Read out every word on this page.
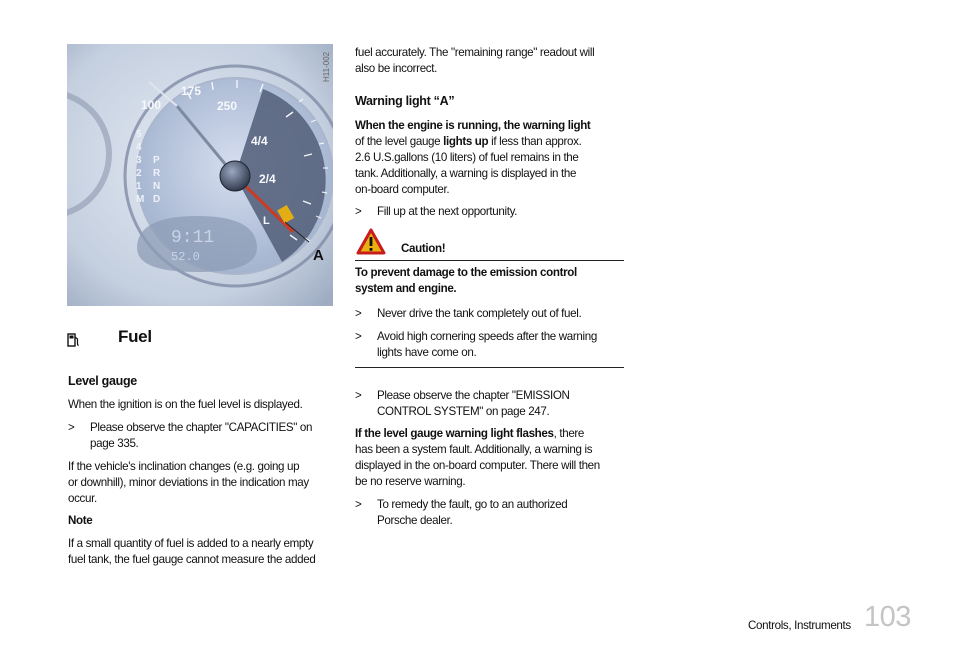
100
175
250
4/4
2/4
5
4
3
2
1
M
P
R
N
D
9:11
52.0
L
H11-002
A
Fuel
Level gauge
When the ignition is on the fuel level is displayed.
>	Please observe the chapter "CAPACITIES" on
page 335.
If the vehicle's inclination changes (e.g. going up
or downhill), minor deviations in the indication may
occur.
Note
If a small quantity of fuel is added to a nearly empty
fuel tank, the fuel gauge cannot measure the added
fuel accurately. The "remaining range" readout will
also be incorrect.
Warning light “A”
When the engine is running, the warning light
of the level gauge lights up if less than approx.
2.6 U.S.gallons (10 liters) of fuel remains in the
tank. Additionally, a warning is displayed in the
on-board computer.
>	Fill up at the next opportunity.
Caution!
To prevent damage to the emission control
system and engine.
>	Never drive the tank completely out of fuel.
>	Avoid high cornering speeds after the warning
lights have come on.
>	Please observe the chapter "EMISSION
CONTROL SYSTEM" on page 247.
If the level gauge warning light flashes, there
has been a system fault. Additionally, a warning is
displayed in the on-board computer. There will then
be no reserve warning.
>	To remedy the fault, go to an authorized
Porsche dealer.
Controls, Instruments 103
